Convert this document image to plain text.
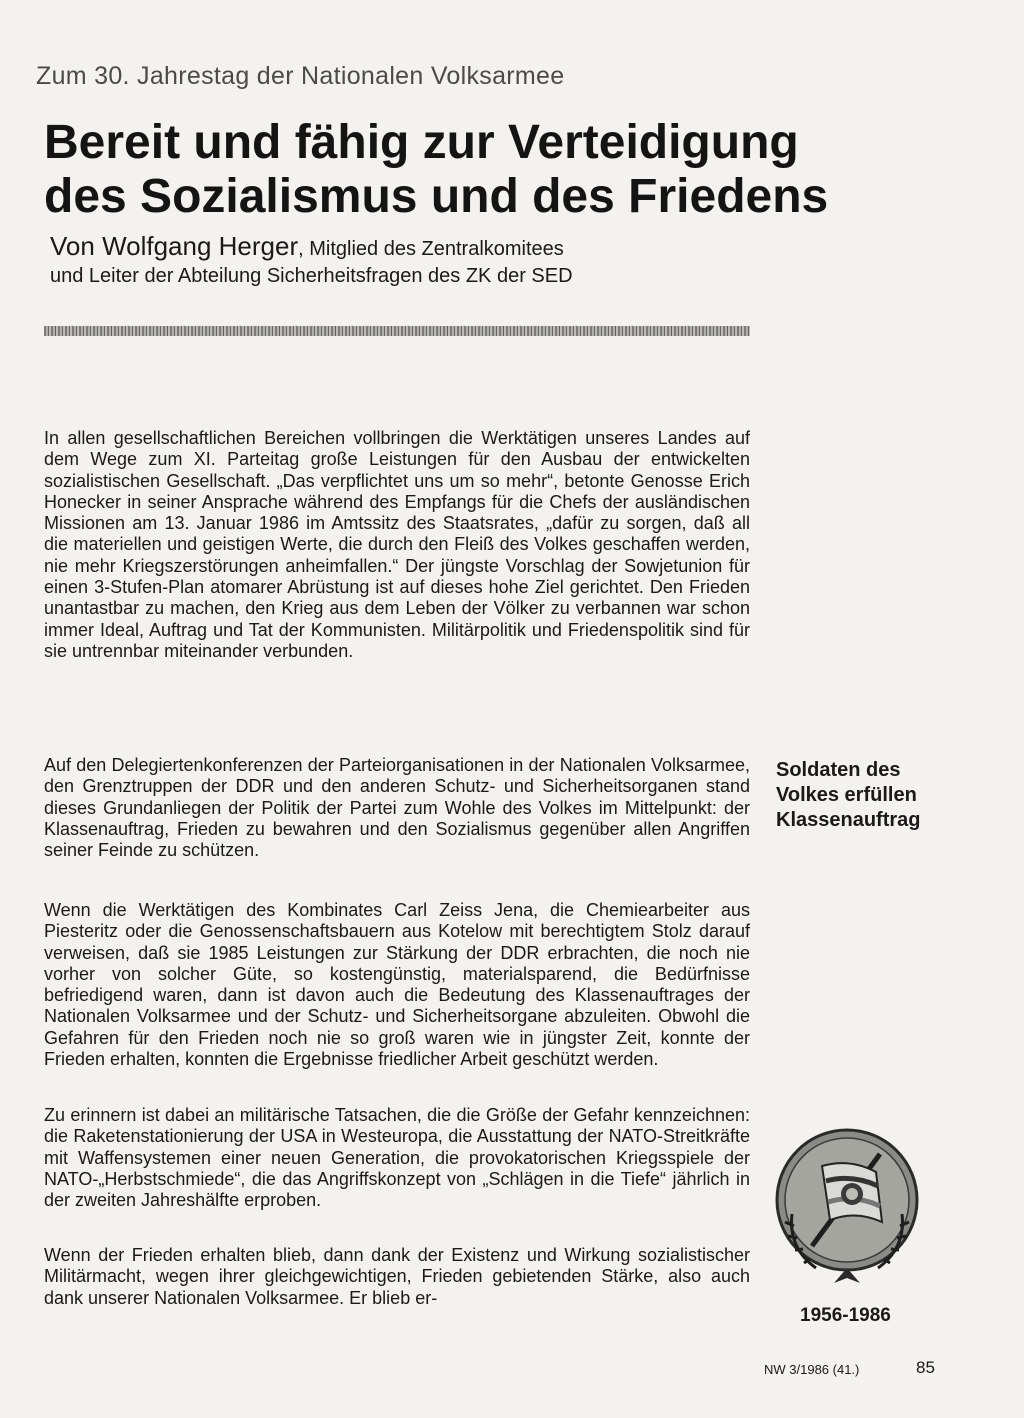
Zum 30. Jahrestag der Nationalen Volksarmee
Bereit und fähig zur Verteidigung
des Sozialismus und des Friedens
Von Wolfgang Herger, Mitglied des Zentralkomitees
und Leiter der Abteilung Sicherheitsfragen des ZK der SED

In allen gesellschaftlichen Bereichen vollbringen die Werktätigen unseres Landes auf dem Wege zum XI. Parteitag große Leistungen für den Ausbau der entwickelten sozialistischen Gesellschaft. „Das verpflichtet uns um so mehr“, betonte Genosse Erich Honecker in seiner Ansprache während des Empfangs für die Chefs der ausländischen Missionen am 13. Januar 1986 im Amtssitz des Staatsrates, „dafür zu sorgen, daß all die materiellen und geistigen Werte, die durch den Fleiß des Volkes geschaffen werden, nie mehr Kriegszerstörungen anheimfallen.“ Der jüngste Vorschlag der Sowjetunion für einen 3-Stufen-Plan atomarer Abrüstung ist auf dieses hohe Ziel gerichtet. Den Frieden unantastbar zu machen, den Krieg aus dem Leben der Völker zu verbannen war schon immer Ideal, Auftrag und Tat der Kommunisten. Militärpolitik und Friedenspolitik sind für sie untrennbar miteinander verbunden.

Auf den Delegiertenkonferenzen der Parteiorganisationen in der Nationalen Volksarmee, den Grenztruppen der DDR und den anderen Schutz- und Sicherheitsorganen stand dieses Grundanliegen der Politik der Partei zum Wohle des Volkes im Mittelpunkt: der Klassenauftrag, Frieden zu bewahren und den Sozialismus gegenüber allen Angriffen seiner Feinde zu schützen.

Wenn die Werktätigen des Kombinates Carl Zeiss Jena, die Chemiearbeiter aus Piesteritz oder die Genossenschaftsbauern aus Kotelow mit berechtigtem Stolz darauf verweisen, daß sie 1985 Leistungen zur Stärkung der DDR erbrachten, die noch nie vorher von solcher Güte, so kostengünstig, materialsparend, die Bedürfnisse befriedigend waren, dann ist davon auch die Bedeutung des Klassenauftrages der Nationalen Volksarmee und der Schutz- und Sicherheitsorgane abzuleiten. Obwohl die Gefahren für den Frieden noch nie so groß waren wie in jüngster Zeit, konnte der Frieden erhalten, konnten die Ergebnisse friedlicher Arbeit geschützt werden.

Zu erinnern ist dabei an militärische Tatsachen, die die Größe der Gefahr kennzeichnen: die Raketenstationierung der USA in Westeuropa, die Ausstattung der NATO-Streitkräfte mit Waffensystemen einer neuen Generation, die provokatorischen Kriegsspiele der NATO-„Herbstschmiede“, die das Angriffskonzept von „Schlägen in die Tiefe“ jährlich in der zweiten Jahreshälfte erproben.

Wenn der Frieden erhalten blieb, dann dank der Existenz und Wirkung sozialistischer Militärmacht, wegen ihrer gleichgewichtigen, Frieden gebietenden Stärke, also auch dank unserer Nationalen Volksarmee. Er blieb er-

Soldaten des
Volkes erfüllen
Klassenauftrag

1956-1986
NW 3/1986 (41.)	85
